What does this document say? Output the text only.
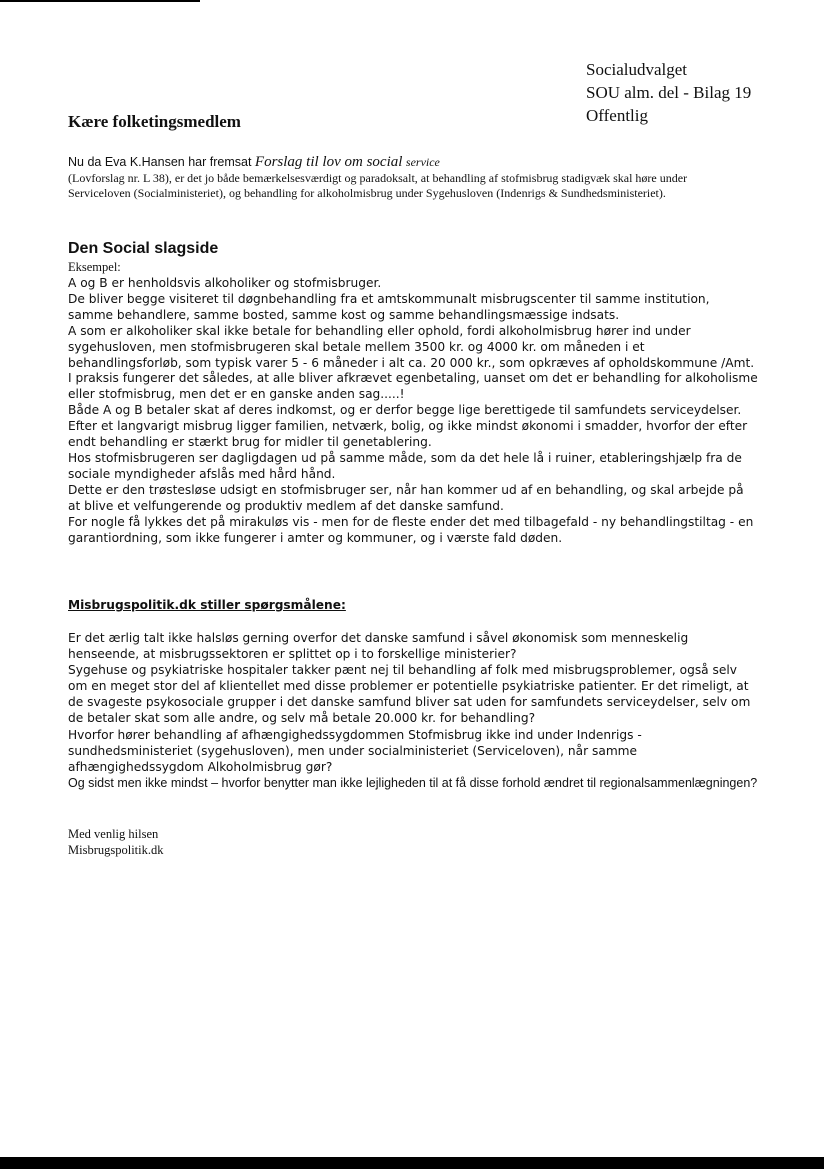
Socialudvalget
SOU alm. del - Bilag 19
Offentlig
Kære folketingsmedlem
Nu da Eva K.Hansen har fremsat Forslag til lov om social service
(Lovforslag nr. L 38), er det jo både bemærkelsesværdigt og paradoksalt, at behandling af stofmisbrug stadigvæk skal høre under Serviceloven (Socialministeriet), og behandling for alkoholmisbrug under Sygehusloven (Indenrigs & Sundhedsministeriet).
Den Social slagside
Eksempel:

A og B er henholdsvis alkoholiker og stofmisbruger.

De bliver begge visiteret til døgnbehandling fra et amtskommunalt misbrugscenter til samme institution, samme behandlere, samme bosted, samme kost og samme behandlingsmæssige indsats.

A som er alkoholiker skal ikke betale for behandling eller ophold, fordi alkoholmisbrug hører ind under sygehusloven, men stofmisbrugeren skal betale mellem 3500 kr. og 4000 kr. om måneden i et behandlingsforløb, som typisk varer 5 - 6 måneder i alt ca. 20 000 kr., som opkræves af opholdskommune /Amt.

I praksis fungerer det således, at alle bliver afkrævet egenbetaling, uanset om det er behandling for alkoholisme eller stofmisbrug, men det er en ganske anden sag.....!

Både A og B betaler skat af deres indkomst, og er derfor begge lige berettigede til samfundets serviceydelser.

Efter et langvarigt misbrug ligger familien, netværk, bolig, og ikke mindst økonomi i smadder, hvorfor der efter endt behandling er stærkt brug for midler til genetablering.

Hos stofmisbrugeren ser dagligdagen ud på samme måde, som da det hele lå i ruiner, etableringshjælp fra de sociale myndigheder afslås med hård hånd.

Dette er den trøstesløse udsigt en stofmisbruger ser, når han kommer ud af en behandling, og skal arbejde på at blive et velfungerende og produktiv medlem af det danske samfund.

For nogle få lykkes det på mirakuløs vis - men for de fleste ender det med tilbagefald - ny behandlingstiltag - en garantiordning, som ikke fungerer i amter og kommuner, og i værste fald døden.

Misbrugspolitik.dk stiller spørgsmålene:

Er det ærlig talt ikke halsløs gerning overfor det danske samfund i såvel økonomisk som menneskelig henseende, at misbrugssektoren er splittet op i to forskellige ministerier?

Sygehuse og psykiatriske hospitaler takker pænt nej til behandling af folk med misbrugsproblemer, også selv om en meget stor del af klientellet med disse problemer er potentielle psykiatriske patienter. Er det rimeligt, at de svageste psykosociale grupper i det danske samfund bliver sat uden for samfundets serviceydelser, selv om de betaler skat som alle andre, og selv må betale 20.000 kr. for behandling?

Hvorfor hører behandling af afhængighedssygdommen Stofmisbrug ikke ind under Indenrigs - sundhedsministeriet (sygehusloven), men under socialministeriet (Serviceloven), når samme afhængighedssygdom Alkoholmisbrug gør?

Og sidst men ikke mindst – hvorfor benytter man ikke lejligheden til at få disse forhold ændret til regionalsammenlægningen?

Med venlig hilsen
Misbrugspolitik.dk
